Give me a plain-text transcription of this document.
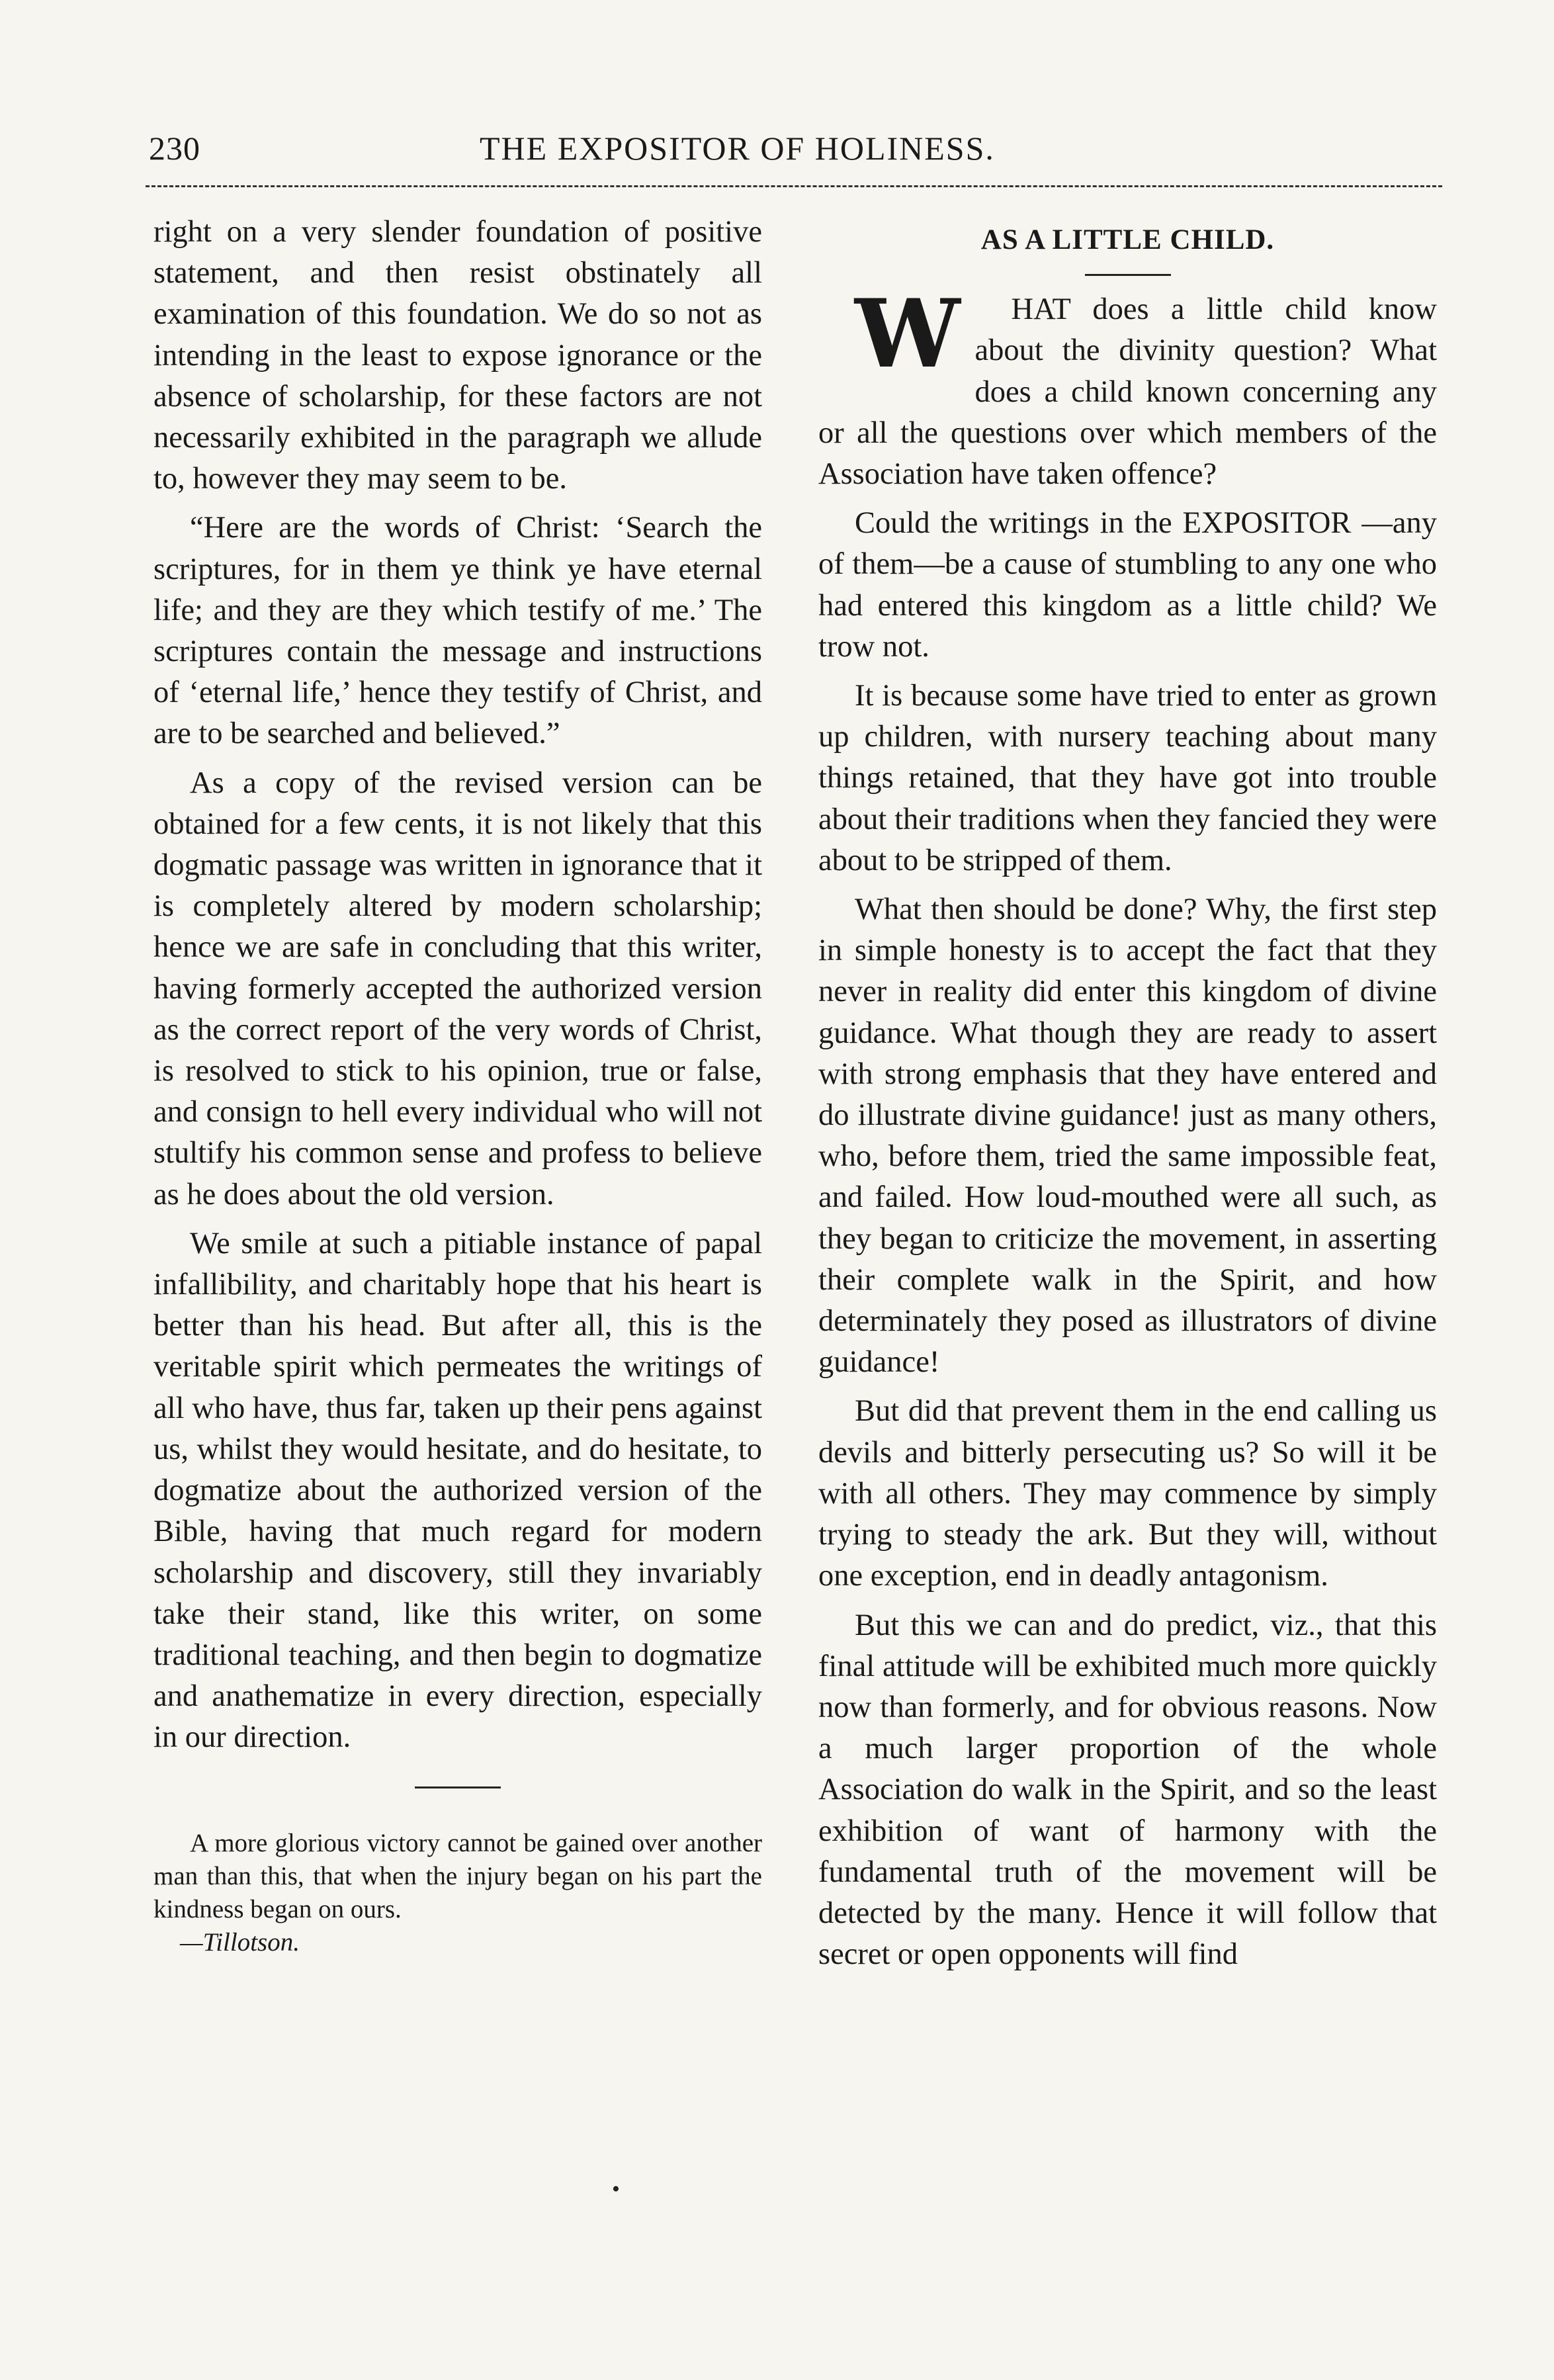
230	THE EXPOSITOR OF HOLINESS.

right on a very slender foundation of positive statement, and then resist obstinately all examination of this foundation. We do so not as intending in the least to expose ignorance or the absence of scholarship, for these factors are not necessarily exhibited in the paragraph we allude to, however they may seem to be.

“Here are the words of Christ: ‘Search the scriptures, for in them ye think ye have eternal life; and they are they which testify of me.’ The scriptures contain the message and instructions of ‘eternal life,’ hence they testify of Christ, and are to be searched and believed.”

As a copy of the revised version can be obtained for a few cents, it is not likely that this dogmatic passage was written in ignorance that it is completely altered by modern scholarship; hence we are safe in concluding that this writer, having formerly accepted the authorized version as the correct report of the very words of Christ, is resolved to stick to his opinion, true or false, and consign to hell every individual who will not stultify his common sense and profess to believe as he does about the old version.

We smile at such a pitiable instance of papal infallibility, and charitably hope that his heart is better than his head. But after all, this is the veritable spirit which permeates the writings of all who have, thus far, taken up their pens against us, whilst they would hesitate, and do hesitate, to dogmatize about the authorized version of the Bible, having that much regard for modern scholarship and discovery, still they invariably take their stand, like this writer, on some traditional teaching, and then begin to dogmatize and anathematize in every direction, especially in our direction.

A more glorious victory cannot be gained over another man than this, that when the injury began on his part the kindness began on ours.
—Tillotson.
AS A LITTLE CHILD.

W HAT does a little child know about the divinity question? What does a child known concerning any or all the questions over which members of the Association have taken offence?

Could the writings in the EXPOSITOR —any of them—be a cause of stumbling to any one who had entered this kingdom as a little child? We trow not.

It is because some have tried to enter as grown up children, with nursery teaching about many things retained, that they have got into trouble about their traditions when they fancied they were about to be stripped of them.

What then should be done? Why, the first step in simple honesty is to accept the fact that they never in reality did enter this kingdom of divine guidance. What though they are ready to assert with strong emphasis that they have entered and do illustrate divine guidance! just as many others, who, before them, tried the same impossible feat, and failed. How loud-mouthed were all such, as they began to criticize the movement, in asserting their complete walk in the Spirit, and how determinately they posed as illustrators of divine guidance!

But did that prevent them in the end calling us devils and bitterly persecuting us? So will it be with all others. They may commence by simply trying to steady the ark. But they will, without one exception, end in deadly antagonism.

But this we can and do predict, viz., that this final attitude will be exhibited much more quickly now than formerly, and for obvious reasons. Now a much larger proportion of the whole Association do walk in the Spirit, and so the least exhibition of want of harmony with the fundamental truth of the movement will be detected by the many. Hence it will follow that secret or open opponents will find

•
